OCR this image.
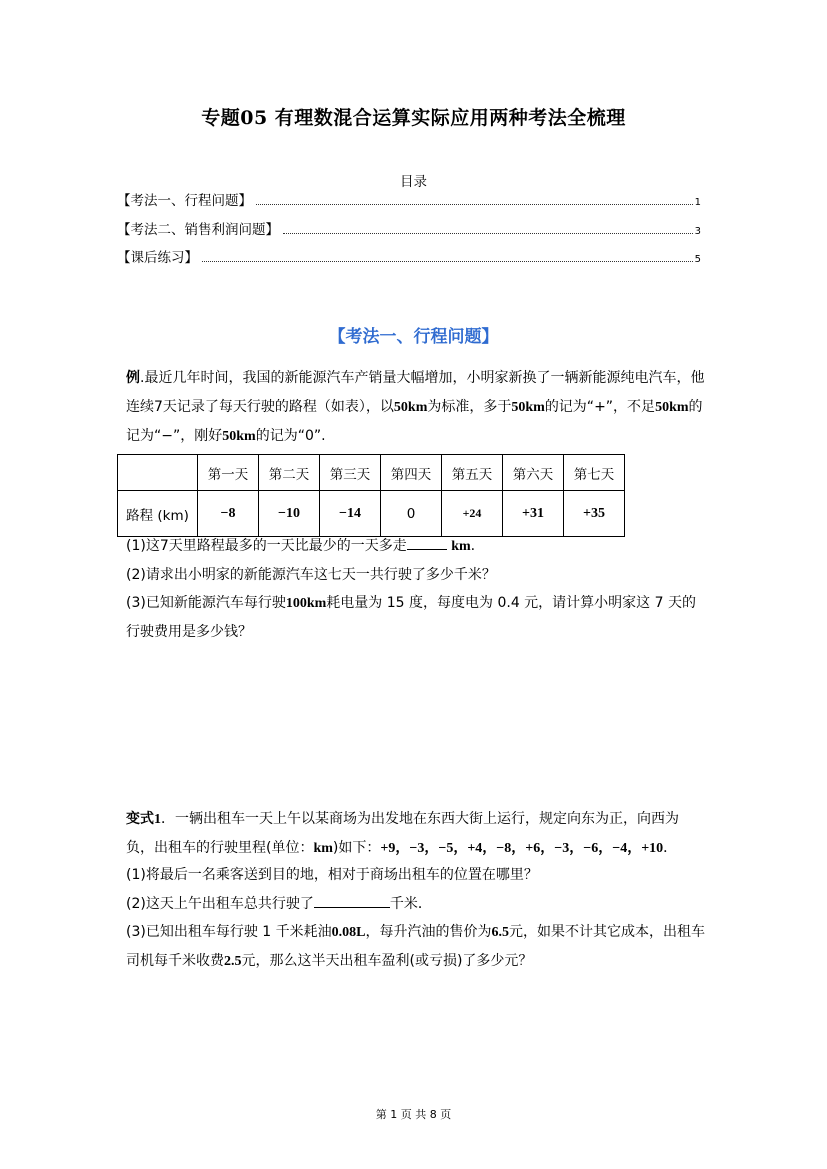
专题05 有理数混合运算实际应用两种考法全梳理
目录
【考法一、行程问题】	1
【考法二、销售利润问题】	3
【课后练习】	5
【考法一、行程问题】
例.最近几年时间，我国的新能源汽车产销量大幅增加，小明家新换了一辆新能源纯电汽车，他连续7天记录了每天行驶的路程（如表），以50km为标准，多于50km的记为“+”，不足50km的记为“−”，刚好50km的记为“0”.
	第一天	第二天	第三天	第四天	第五天	第六天	第七天
路程 (km)	−8	−10	−14	0	+24	+31	+35
(1)这7天里路程最多的一天比最少的一天多走	km.
(2)请求出小明家的新能源汽车这七天一共行驶了多少千米？
(3)已知新能源汽车每行驶100km耗电量为 15 度，每度电为 0.4 元，请计算小明家这 7 天的行驶费用是多少钱？
变式1．一辆出租车一天上午以某商场为出发地在东西大街上运行，规定向东为正，向西为负，出租车的行驶里程(单位：km)如下：+9，−3，−5，+4，−8，+6，−3，−6，−4，+10．
(1)将最后一名乘客送到目的地，相对于商场出租车的位置在哪里？
(2)这天上午出租车总共行驶了	千米．
(3)已知出租车每行驶 1 千米耗油0.08L，每升汽油的售价为6.5元，如果不计其它成本，出租车司机每千米收费2.5元，那么这半天出租车盈利(或亏损)了多少元？
第 1 页 共 8 页
